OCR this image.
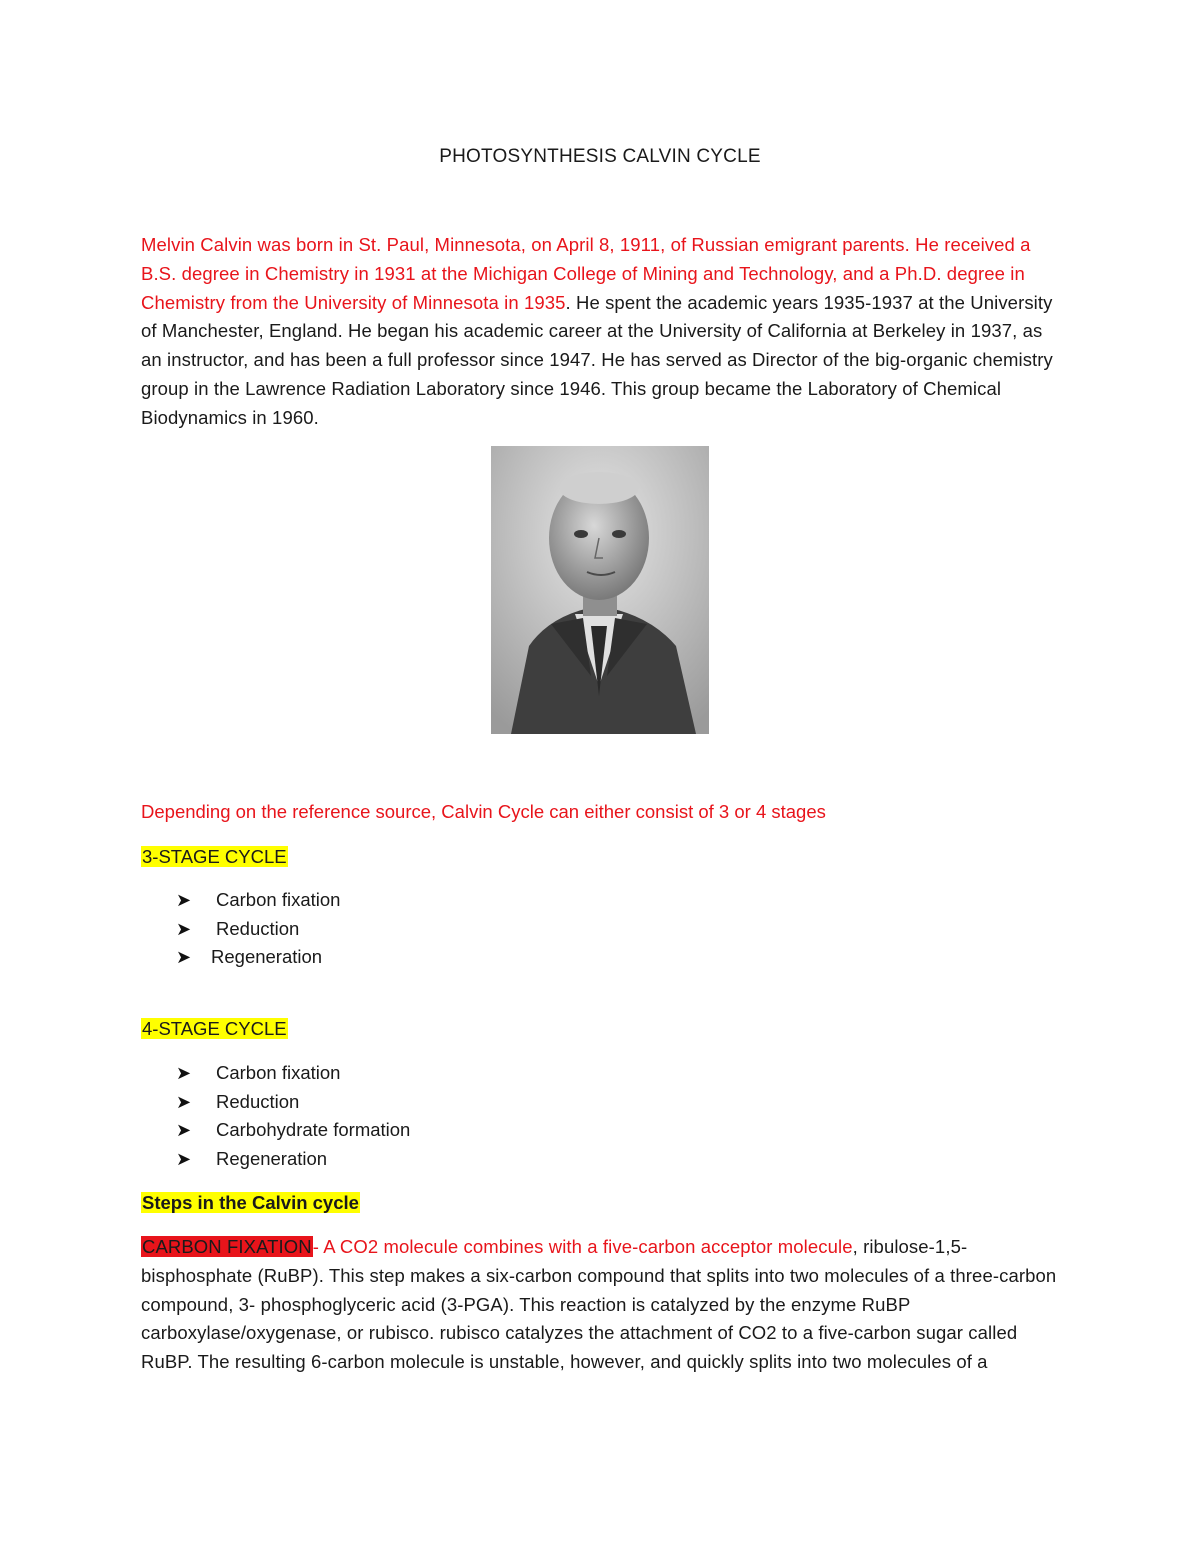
PHOTOSYNTHESIS CALVIN CYCLE
Melvin Calvin was born in St. Paul, Minnesota, on April 8, 1911, of Russian emigrant parents. He received a B.S. degree in Chemistry in 1931 at the Michigan College of Mining and Technology, and a Ph.D. degree in Chemistry from the University of Minnesota in 1935. He spent the academic years 1935-1937 at the University of Manchester, England. He began his academic career at the University of California at Berkeley in 1937, as an instructor, and has been a full professor since 1947. He has served as Director of the big-organic chemistry group in the Lawrence Radiation Laboratory since 1946. This group became the Laboratory of Chemical Biodynamics in 1960.
Depending on the reference source, Calvin Cycle can either consist of 3 or 4 stages
3-STAGE CYCLE
➤ Carbon fixation
➤ Reduction
➤ Regeneration
4-STAGE CYCLE
➤ Carbon fixation
➤ Reduction
➤ Carbohydrate formation
➤ Regeneration
Steps in the Calvin cycle
CARBON FIXATION- A CO2 molecule combines with a five-carbon acceptor molecule, ribulose-1,5-bisphosphate (RuBP). This step makes a six-carbon compound that splits into two molecules of a three-carbon compound, 3- phosphoglyceric acid (3-PGA). This reaction is catalyzed by the enzyme RuBP carboxylase/oxygenase, or rubisco. rubisco catalyzes the attachment of CO2 to a five-carbon sugar called RuBP. The resulting 6-carbon molecule is unstable, however, and quickly splits into two molecules of a
